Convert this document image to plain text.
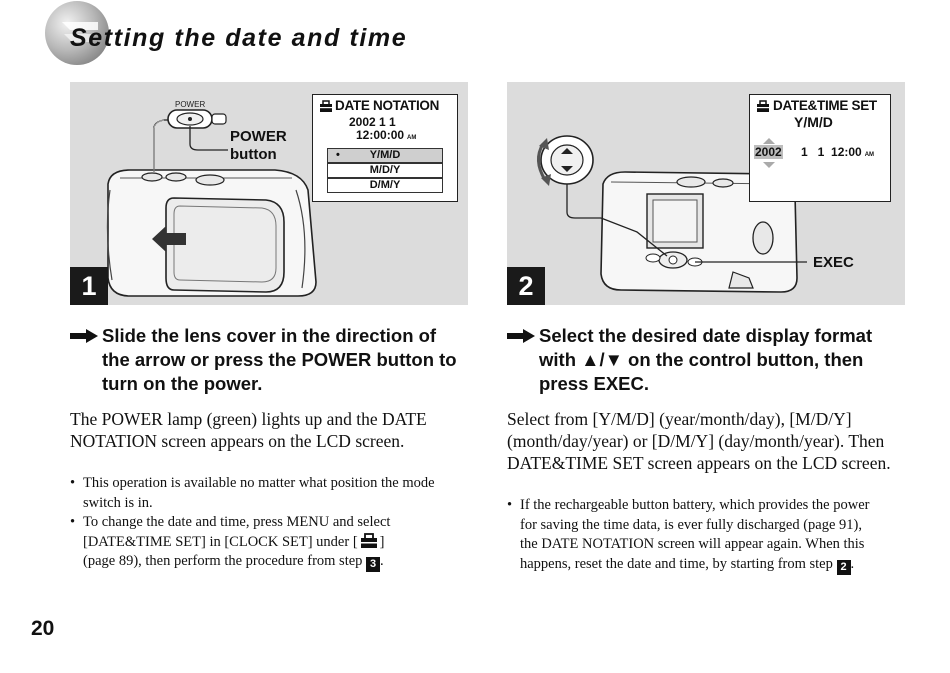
Setting the date and time
POWER
POWER
button
DATE NOTATION
2002 1 1
12:00:00 AM
•	Y/M/D
M/D/Y
D/M/Y
1
EXEC
DATE&TIME SET
Y/M/D
2002 1   1  12:00 AM
2
Slide the lens cover in the direction of
the arrow or press the POWER button to
turn on the power.
The POWER lamp (green) lights up and the DATE
NOTATION screen appears on the LCD screen.
• This operation is available no matter what position the mode
switch is in.
• To change the date and time, press MENU and select
[DATE&TIME SET] in [CLOCK SET] under [ ]
(page 89), then perform the procedure from step 3 .
Select the desired date display format
with ▲/▼ on the control button, then
press EXEC.
Select from [Y/M/D] (year/month/day), [M/D/Y]
(month/day/year) or [D/M/Y] (day/month/year). Then
DATE&TIME SET screen appears on the LCD screen.
• If the rechargeable button battery, which provides the power
for saving the time data, is ever fully discharged (page 91),
the DATE NOTATION screen will appear again. When this
happens, reset the date and time, by starting from step 2 .
20
